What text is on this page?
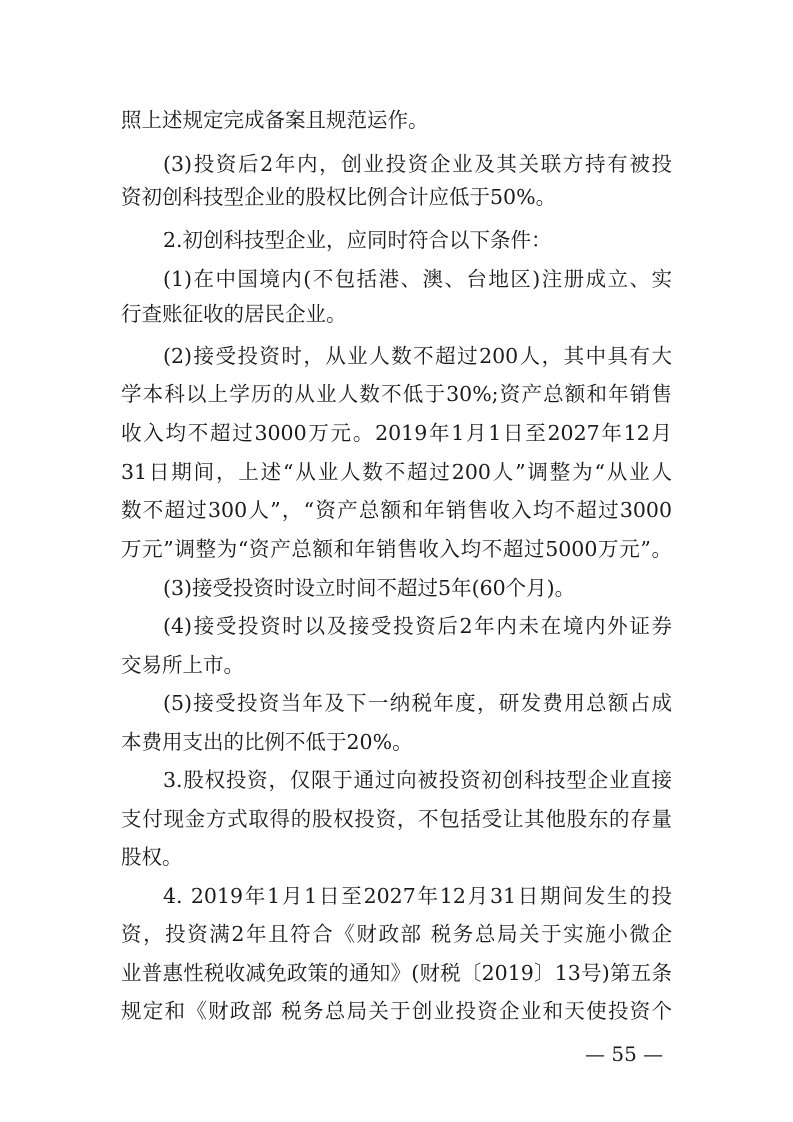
照上述规定完成备案且规范运作。
(3)投资后2年内，创业投资企业及其关联方持有被投
资初创科技型企业的股权比例合计应低于50%。
2.初创科技型企业，应同时符合以下条件：
(1)在中国境内(不包括港、澳、台地区)注册成立、实
行查账征收的居民企业。
(2)接受投资时，从业人数不超过200人，其中具有大
学本科以上学历的从业人数不低于30%;资产总额和年销售
收入均不超过3000万元。2019年1月1日至2027年12月
31日期间，上述“从业人数不超过200人”调整为“从业人
数不超过300人”，“资产总额和年销售收入均不超过3000
万元”调整为“资产总额和年销售收入均不超过5000万元”。
(3)接受投资时设立时间不超过5年(60个月)。
(4)接受投资时以及接受投资后2年内未在境内外证券
交易所上市。
(5)接受投资当年及下一纳税年度，研发费用总额占成
本费用支出的比例不低于20%。
3.股权投资，仅限于通过向被投资初创科技型企业直接
支付现金方式取得的股权投资，不包括受让其他股东的存量
股权。
4. 2019年1月1日至2027年12月31日期间发生的投
资，投资满2年且符合《财政部 税务总局关于实施小微企
业普惠性税收减免政策的通知》(财税〔2019〕13号)第五条
规定和《财政部 税务总局关于创业投资企业和天使投资个
— 55 —
